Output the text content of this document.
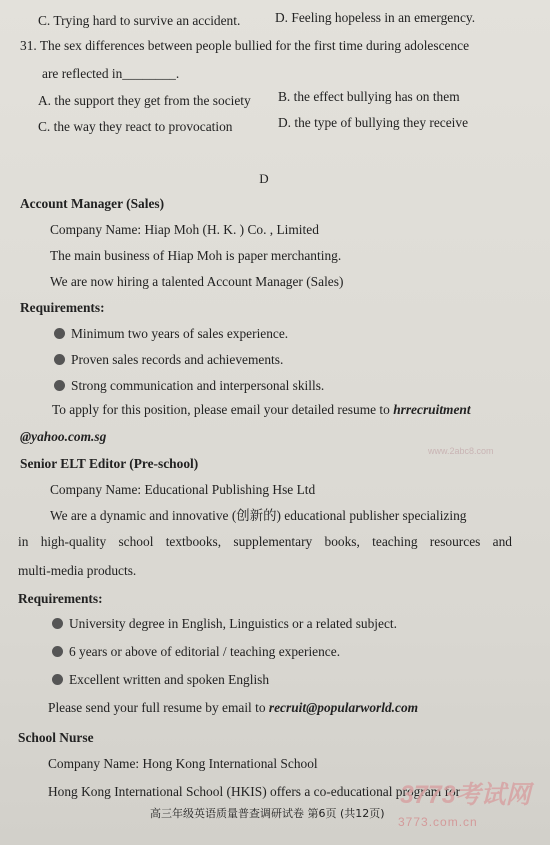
C. Trying hard to survive an accident.	D. Feeling hopeless in an emergency.
31. The sex differences between people bullied for the first time during adolescence
are reflected in________.
A. the support they get from the society B. the effect bullying has on them
C. the way they react to provocation	D. the type of bullying they receive
D
Account Manager (Sales)
Company Name: Hiap Moh (H. K. ) Co. , Limited
The main business of Hiap Moh is paper merchanting.
We are now hiring a talented Account Manager (Sales)
Requirements:
Minimum two years of sales experience.
Proven sales records and achievements.
Strong communication and interpersonal skills.
To apply for this position, please email your detailed resume to hrrecruitment
@yahoo.com.sg
www.2abc8.com
Senior ELT Editor (Pre-school)
Company Name: Educational Publishing Hse Ltd
We are a dynamic and innovative (创新的) educational publisher specializing
in high-quality school textbooks, supplementary books, teaching resources and
multi-media products.
Requirements:
University degree in English, Linguistics or a related subject.
6 years or above of editorial / teaching experience.
Excellent written and spoken English
Please send your full resume by email to recruit@popularworld.com
School Nurse
Company Name: Hong Kong International School
Hong Kong International School (HKIS) offers a co-educational program for
高三年级英语质量普查调研试卷 第6页 (共12页)
3773考试网
3773.com.cn
